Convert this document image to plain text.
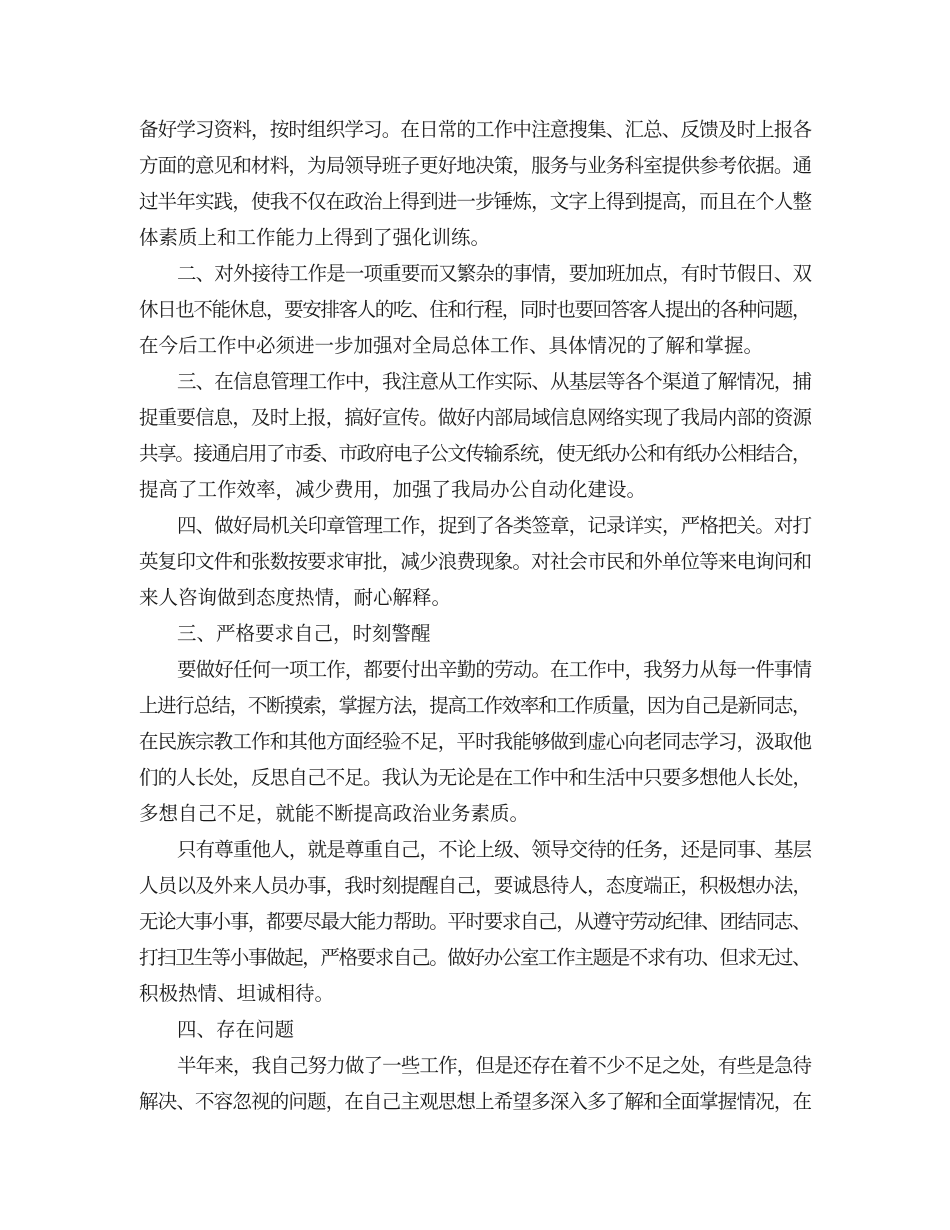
备好学习资料，按时组织学习。在日常的工作中注意搜集、汇总、反馈及时上报各
方面的意见和材料，为局领导班子更好地决策，服务与业务科室提供参考依据。通
过半年实践，使我不仅在政治上得到进一步锤炼，文字上得到提高，而且在个人整
体素质上和工作能力上得到了强化训练。
二、对外接待工作是一项重要而又繁杂的事情，要加班加点，有时节假日、双
休日也不能休息，要安排客人的吃、住和行程，同时也要回答客人提出的各种问题，
在今后工作中必须进一步加强对全局总体工作、具体情况的了解和掌握。
三、在信息管理工作中，我注意从工作实际、从基层等各个渠道了解情况，捕
捉重要信息，及时上报，搞好宣传。做好内部局域信息网络实现了我局内部的资源
共享。接通启用了市委、市政府电子公文传输系统，使无纸办公和有纸办公相结合，
提高了工作效率，减少费用，加强了我局办公自动化建设。
四、做好局机关印章管理工作，捉到了各类签章，记录详实，严格把关。对打
英复印文件和张数按要求审批，减少浪费现象。对社会市民和外单位等来电询问和
来人咨询做到态度热情，耐心解释。
三、严格要求自己，时刻警醒
要做好任何一项工作，都要付出辛勤的劳动。在工作中，我努力从每一件事情
上进行总结，不断摸索，掌握方法，提高工作效率和工作质量，因为自己是新同志，
在民族宗教工作和其他方面经验不足，平时我能够做到虚心向老同志学习，汲取他
们的人长处，反思自己不足。我认为无论是在工作中和生活中只要多想他人长处，
多想自己不足，就能不断提高政治业务素质。
只有尊重他人，就是尊重自己，不论上级、领导交待的任务，还是同事、基层
人员以及外来人员办事，我时刻提醒自己，要诚恳待人，态度端正，积极想办法，
无论大事小事，都要尽最大能力帮助。平时要求自己，从遵守劳动纪律、团结同志、
打扫卫生等小事做起，严格要求自己。做好办公室工作主题是不求有功、但求无过、
积极热情、坦诚相待。
四、存在问题
半年来，我自己努力做了一些工作，但是还存在着不少不足之处，有些是急待
解决、不容忽视的问题，在自己主观思想上希望多深入多了解和全面掌握情况，在
